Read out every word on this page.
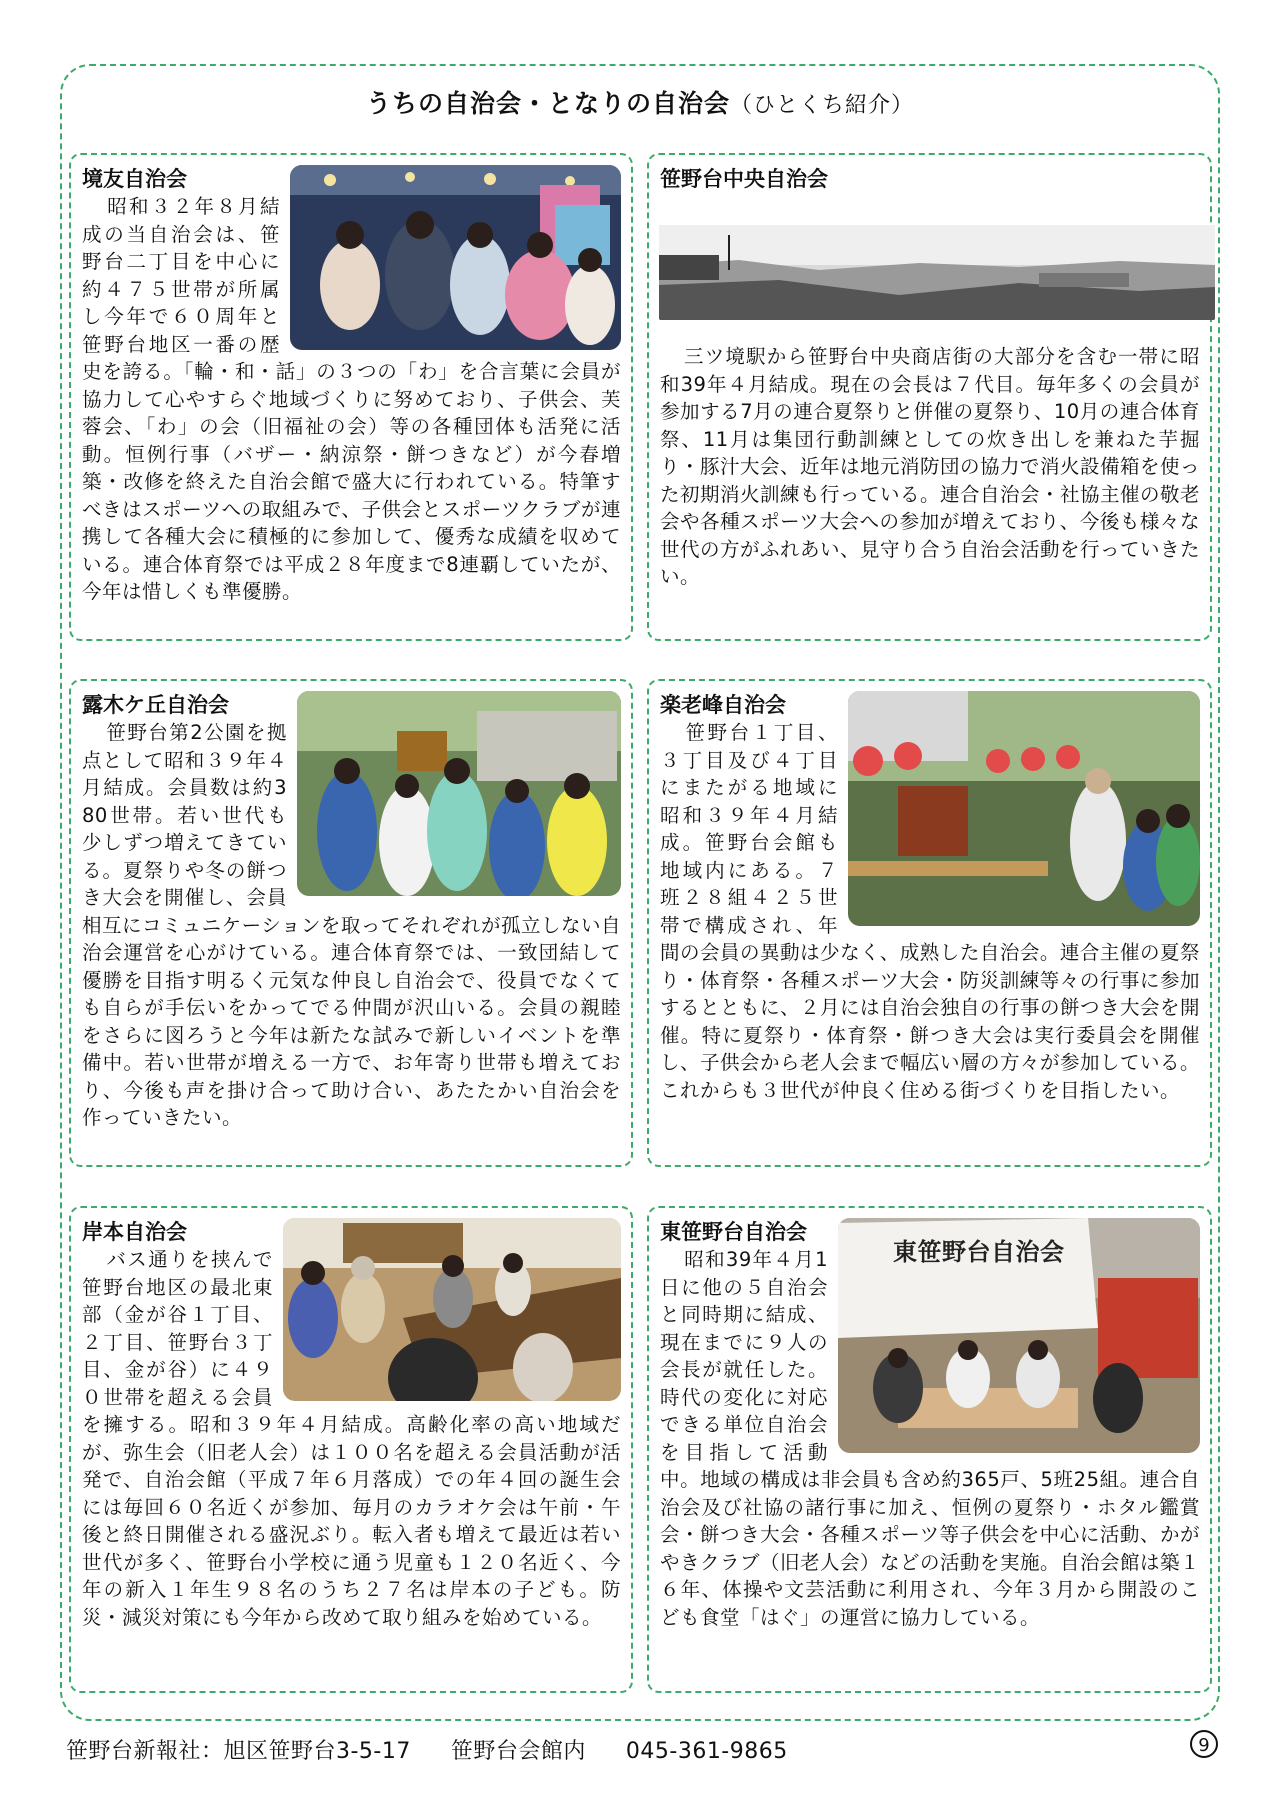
うちの自治会・となりの自治会（ひとくち紹介）
境友自治会
昭和３２年８月結成の当自治会は、笹野台二丁目を中心に約４７５世帯が所属し今年で６０周年と笹野台地区一番の歴史を誇る。「輪・和・話」の３つの「わ」を合言葉に会員が協力して心やすらぐ地域づくりに努めており、子供会、芙蓉会、「わ」の会（旧福祉の会）等の各種団体も活発に活動。恒例行事（バザー・納涼祭・餅つきなど）が今春増築・改修を終えた自治会館で盛大に行われている。特筆すべきはスポーツへの取組みで、子供会とスポーツクラブが連携して各種大会に積極的に参加して、優秀な成績を収めている。連合体育祭では平成２８年度まで8連覇していたが、今年は惜しくも準優勝。
笹野台中央自治会
三ツ境駅から笹野台中央商店街の大部分を含む一帯に昭和39年４月結成。現在の会長は７代目。毎年多くの会員が参加する7月の連合夏祭りと併催の夏祭り、10月の連合体育祭、11月は集団行動訓練としての炊き出しを兼ねた芋掘り・豚汁大会、近年は地元消防団の協力で消火設備箱を使った初期消火訓練も行っている。連合自治会・社協主催の敬老会や各種スポーツ大会への参加が増えており、今後も様々な世代の方がふれあい、見守り合う自治会活動を行っていきたい。
露木ケ丘自治会
笹野台第2公園を拠点として昭和３９年４月結成。会員数は約380世帯。若い世代も少しずつ増えてきている。夏祭りや冬の餅つき大会を開催し、会員相互にコミュニケーションを取ってそれぞれが孤立しない自治会運営を心がけている。連合体育祭では、一致団結して優勝を目指す明るく元気な仲良し自治会で、役員でなくても自らが手伝いをかってでる仲間が沢山いる。会員の親睦をさらに図ろうと今年は新たな試みで新しいイベントを準備中。若い世帯が増える一方で、お年寄り世帯も増えており、今後も声を掛け合って助け合い、あたたかい自治会を作っていきたい。
楽老峰自治会
笹野台１丁目、３丁目及び４丁目にまたがる地域に昭和３９年４月結成。笹野台会館も地域内にある。７班２８組４２５世帯で構成され、年間の会員の異動は少なく、成熟した自治会。連合主催の夏祭り・体育祭・各種スポーツ大会・防災訓練等々の行事に参加するとともに、２月には自治会独自の行事の餅つき大会を開催。特に夏祭り・体育祭・餅つき大会は実行委員会を開催し、子供会から老人会まで幅広い層の方々が参加している。これからも３世代が仲良く住める街づくりを目指したい。
岸本自治会
バス通りを挟んで笹野台地区の最北東部（金が谷１丁目、２丁目、笹野台３丁目、金が谷）に４９０世帯を超える会員を擁する。昭和３９年４月結成。高齢化率の高い地域だが、弥生会（旧老人会）は１００名を超える会員活動が活発で、自治会館（平成７年６月落成）での年４回の誕生会には毎回６０名近くが参加、毎月のカラオケ会は午前・午後と終日開催される盛況ぶり。転入者も増えて最近は若い世代が多く、笹野台小学校に通う児童も１２０名近く、今年の新入１年生９８名のうち２７名は岸本の子ども。防災・減災対策にも今年から改めて取り組みを始めている。
東笹野台自治会
東笹野台自治会
昭和39年４月1日に他の５自治会と同時期に結成、現在までに９人の会長が就任した。時代の変化に対応できる単位自治会を目指して活動中。地域の構成は非会員も含め約365戸、5班25組。連合自治会及び社協の諸行事に加え、恒例の夏祭り・ホタル鑑賞会・餅つき大会・各種スポーツ等子供会を中心に活動、かがやきクラブ（旧老人会）などの活動を実施。自治会館は築１６年、体操や文芸活動に利用され、今年３月から開設のこども食堂「はぐ」の運営に協力している。
笹野台新報社：旭区笹野台3-5-17 笹野台会館内 045-361-9865	9
